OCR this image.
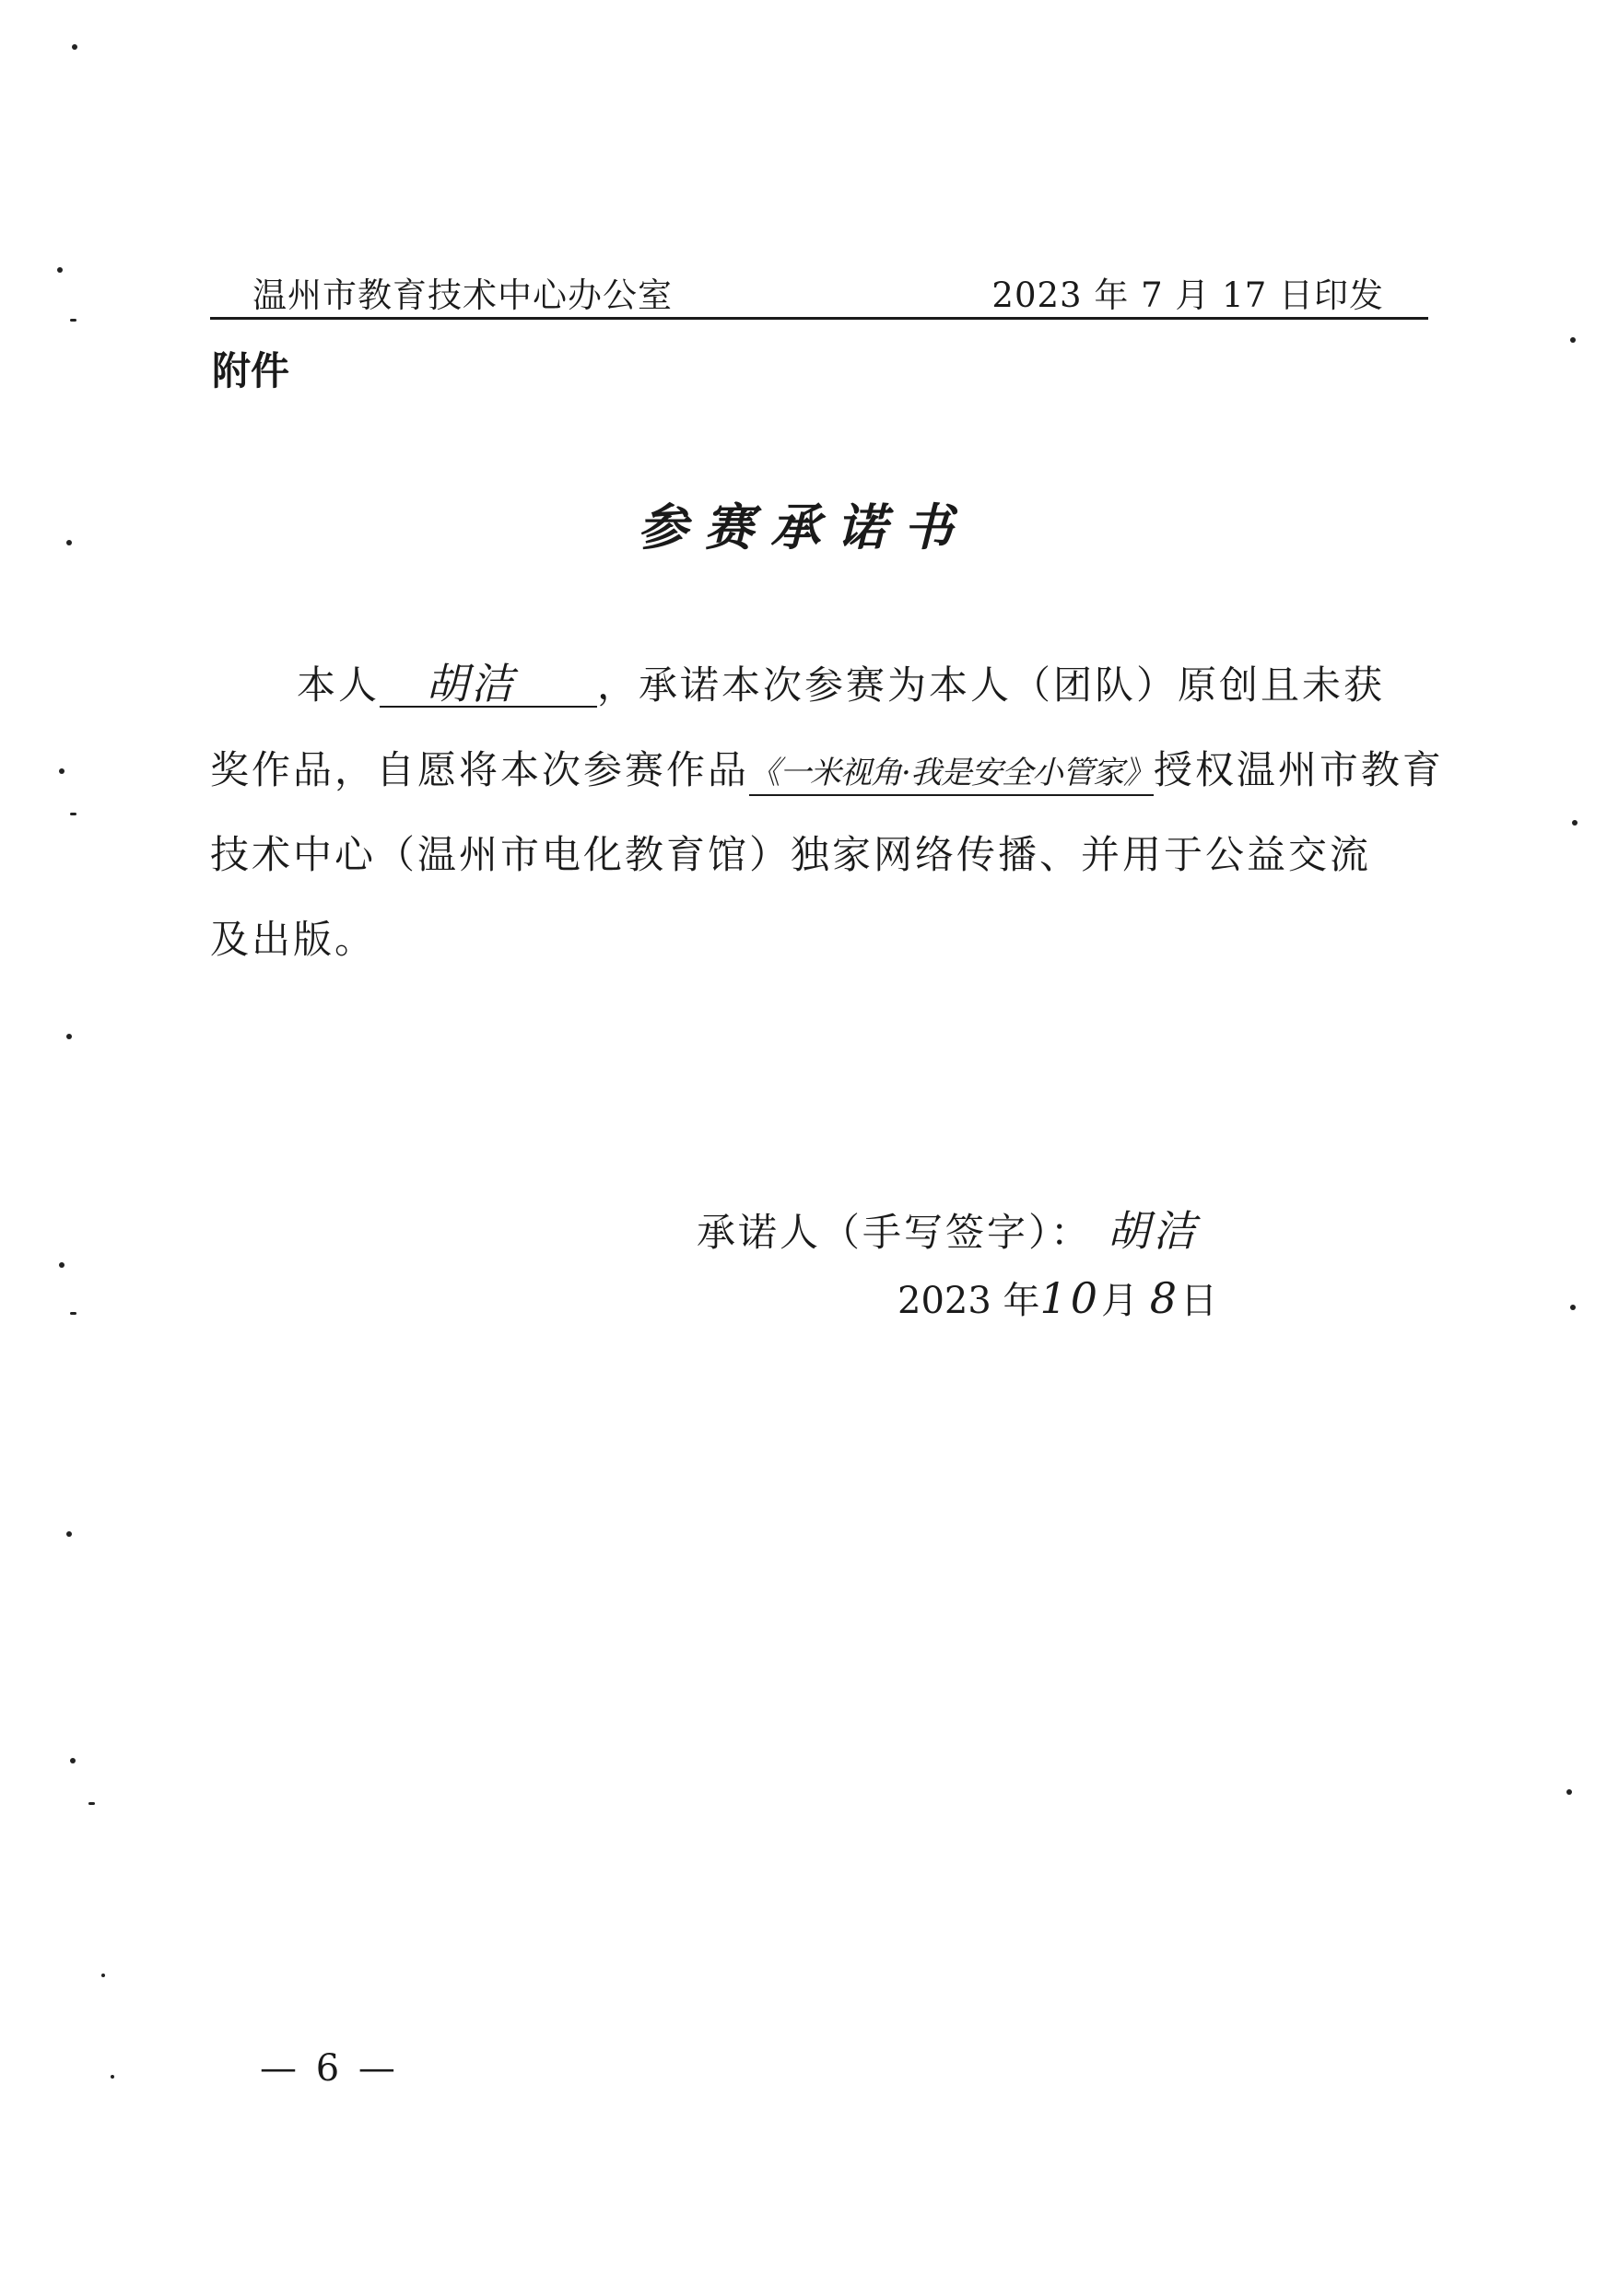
温州市教育技术中心办公室	2023 年 7 月 17 日印发
附件
参赛承诺书
本人 胡洁 ，承诺本次参赛为本人（团队）原创且未获
奖作品，自愿将本次参赛作品《一米视角·我是安全小管家》授权温州市教育
技术中心（温州市电化教育馆）独家网络传播、并用于公益交流
及出版。
承诺人（手写签字）： 胡洁
2023 年10月 8日
— 6 —
